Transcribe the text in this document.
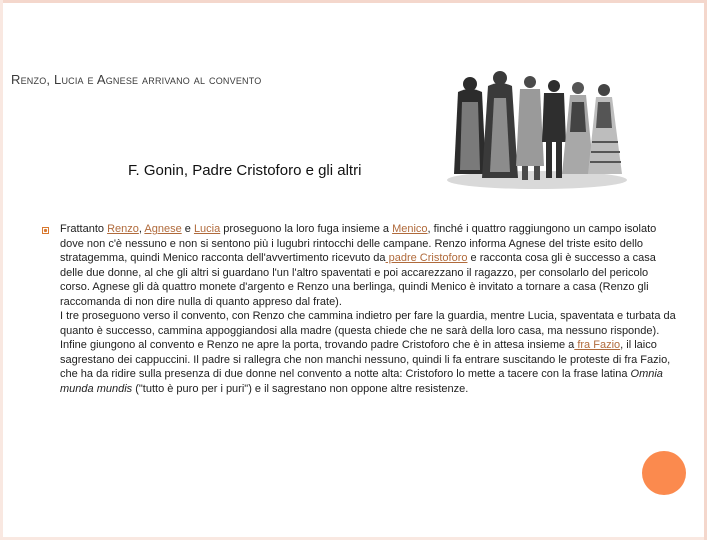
Renzo, Lucia e Agnese arrivano al convento
F. Gonin, Padre Cristoforo e gli altri
Frattanto Renzo, Agnese e Lucia proseguono la loro fuga insieme a Menico, finché i quattro raggiungono un campo isolato dove non c'è nessuno e non si sentono più i lugubri rintocchi delle campane. Renzo informa Agnese del triste esito dello stratagemma, quindi Menico racconta dell'avvertimento ricevuto da padre Cristoforo e racconta cosa gli è successo a casa delle due donne, al che gli altri si guardano l'un l'altro spaventati e poi accarezzano il ragazzo, per consolarlo del pericolo corso. Agnese gli dà quattro monete d'argento e Renzo una berlinga, quindi Menico è invitato a tornare a casa (Renzo gli raccomanda di non dire nulla di quanto appreso dal frate).
I tre proseguono verso il convento, con Renzo che cammina indietro per fare la guardia, mentre Lucia, spaventata e turbata da quanto è successo, cammina appoggiandosi alla madre (questa chiede che ne sarà della loro casa, ma nessuno risponde). Infine giungono al convento e Renzo ne apre la porta, trovando padre Cristoforo che è in attesa insieme a fra Fazio, il laico sagrestano dei cappuccini. Il padre si rallegra che non manchi nessuno, quindi li fa entrare suscitando le proteste di fra Fazio, che ha da ridire sulla presenza di due donne nel convento a notte alta: Cristoforo lo mette a tacere con la frase latina Omnia munda mundis ("tutto è puro per i puri") e il sagrestano non oppone altre resistenze.
